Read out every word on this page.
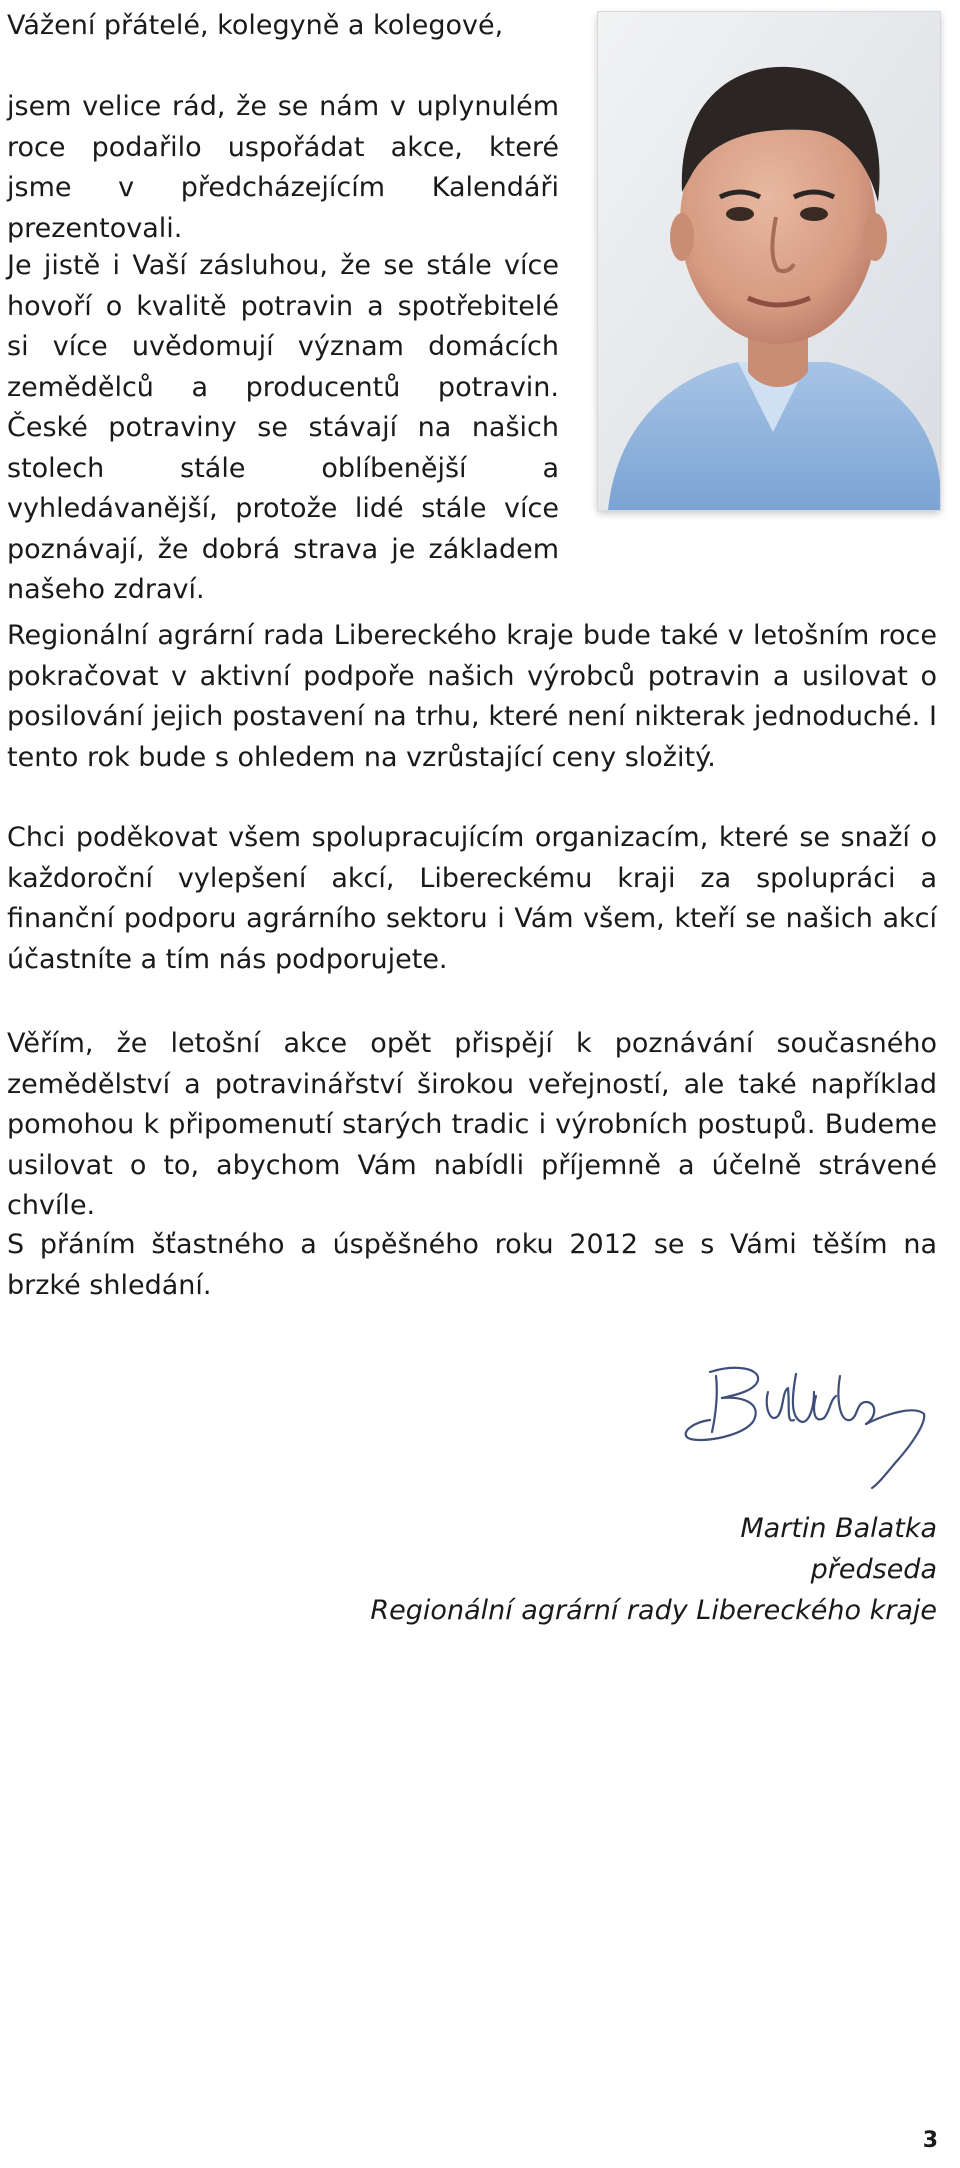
Vážení přátelé, kolegyně a kolegové,

jsem velice rád, že se nám v uplynulém roce podařilo uspořádat akce, které jsme v předcházejícím Kalendáři prezentovali.

Je jistě i Vaší zásluhou, že se stále více hovoří o kvalitě potravin a spotřebitelé si více uvědomují význam domácích zemědělců a producentů potravin. České potraviny se stávají na našich stolech stále oblíbenější a vyhledávanější, protože lidé stále více poznávají, že dobrá strava je základem našeho zdraví.

Regionální agrární rada Libereckého kraje bude také v letošním roce pokračovat v aktivní podpoře našich výrobců potravin a usilovat o posilování jejich postavení na trhu, které není nikterak jednoduché. I tento rok bude s ohledem na vzrůstající ceny složitý.

Chci poděkovat všem spolupracujícím organizacím, které se snaží o každoroční vylepšení akcí, Libereckému kraji za spolupráci a finanční podporu agrárního sektoru i Vám všem, kteří se našich akcí účastníte a tím nás podporujete.

Věřím, že letošní akce opět přispějí k poznávání současného zemědělství a potravinářství širokou veřejností, ale také například pomohou k připomenutí starých tradic i výrobních postupů. Budeme usilovat o to, abychom Vám nabídli příjemně a účelně strávené chvíle.

S přáním šťastného a úspěšného roku 2012 se s Vámi těším na brzké shledání.

Martin Balatka
předseda
Regionální agrární rady Libereckého kraje
3
